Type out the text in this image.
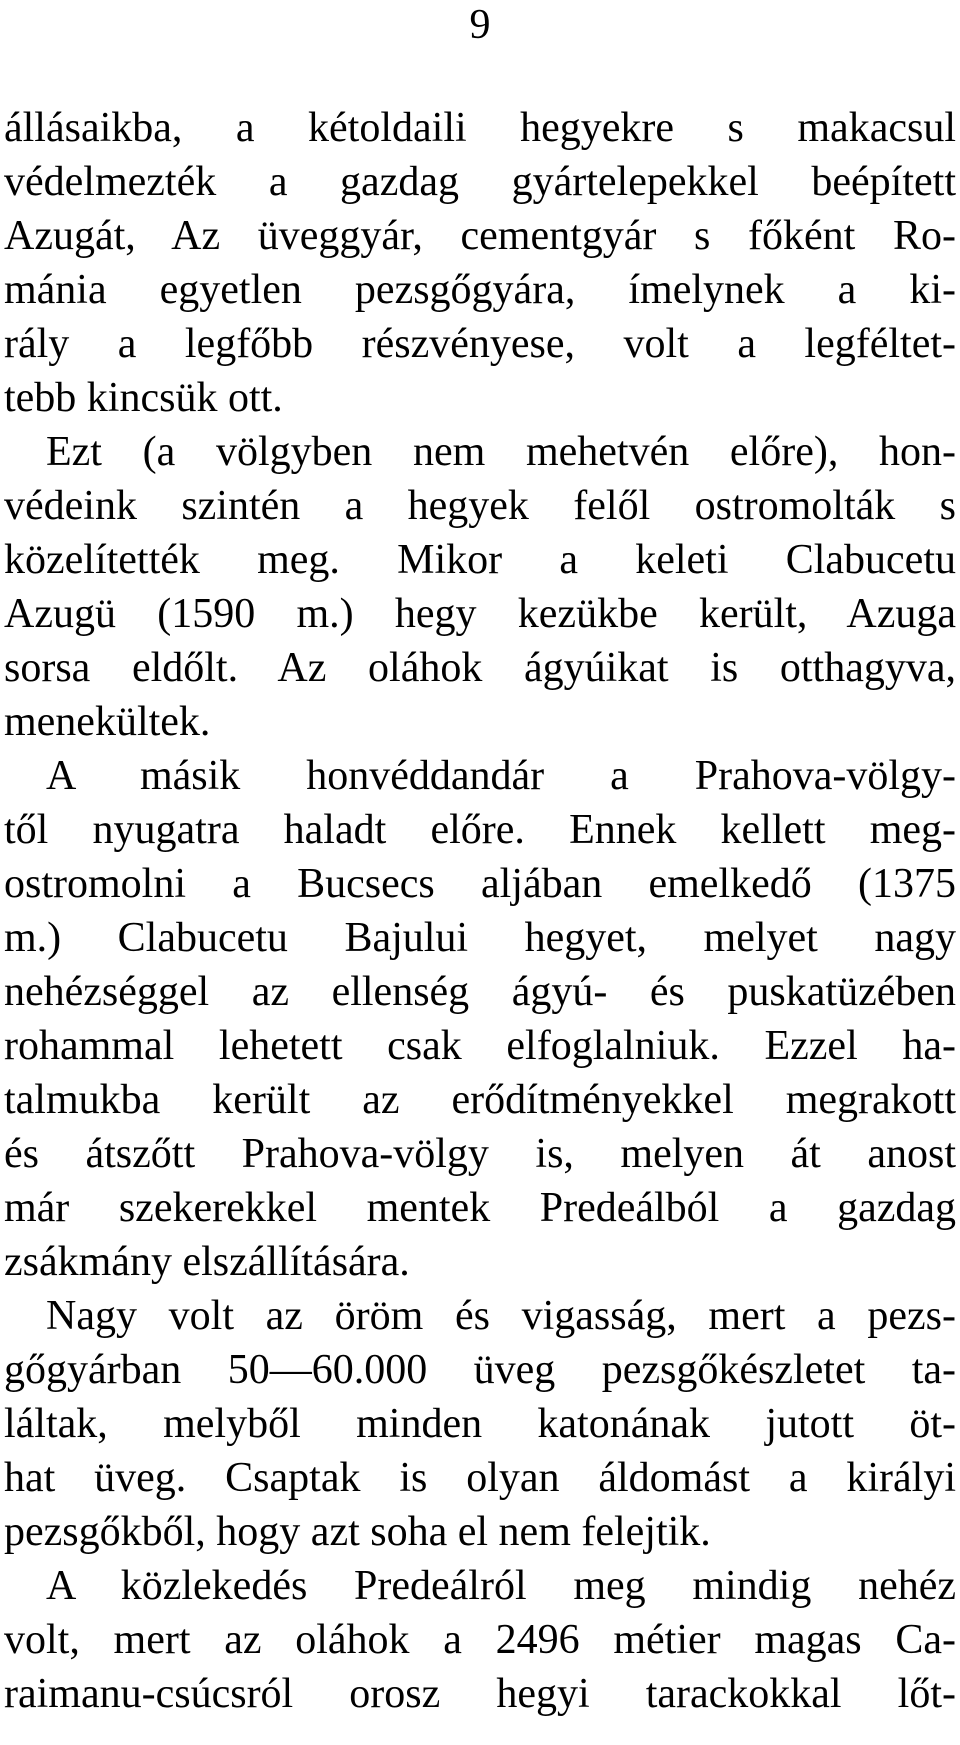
9
állásaikba, a kétoldaili hegyekre s makacsul
védelmezték a gazdag gyártelepekkel beépített
Azugát, Az üveggyár, cementgyár s főként Ro-
mánia egyetlen pezsgőgyára, ímelynek a ki-
rály a legfőbb részvényese, volt a legféltet-
tebb kincsük ott.
Ezt (a völgyben nem mehetvén előre), hon-
védeink szintén a hegyek felől ostromolták s
közelítették meg. Mikor a keleti Clabucetu
Azugü (1590 m.) hegy kezükbe került, Azuga
sorsa eldőlt. Az oláhok ágyúikat is otthagyva,
menekültek.
A másik honvéddandár a Prahova-völgy-
től nyugatra haladt előre. Ennek kellett meg-
ostromolni a Bucsecs aljában emelkedő (1375
m.) Clabucetu Bajului hegyet, melyet nagy
nehézséggel az ellenség ágyú- és puskatüzében
rohammal lehetett csak elfoglalniuk. Ezzel ha-
talmukba került az erődítményekkel megrakott
és átszőtt Prahova-völgy is, melyen át anost
már szekerekkel mentek Predeálból a gazdag
zsákmány elszállítására.
Nagy volt az öröm és vigasság, mert a pezs-
gőgyárban 50—60.000 üveg pezsgőkészletet ta-
láltak, melyből minden katonának jutott öt-
hat üveg. Csaptak is olyan áldomást a királyi
pezsgőkből, hogy azt soha el nem felejtik.
A közlekedés Predeálról meg mindig nehéz
volt, mert az oláhok a 2496 métier magas Ca-
raimanu-csúcsról orosz hegyi tarackokkal lőt-
